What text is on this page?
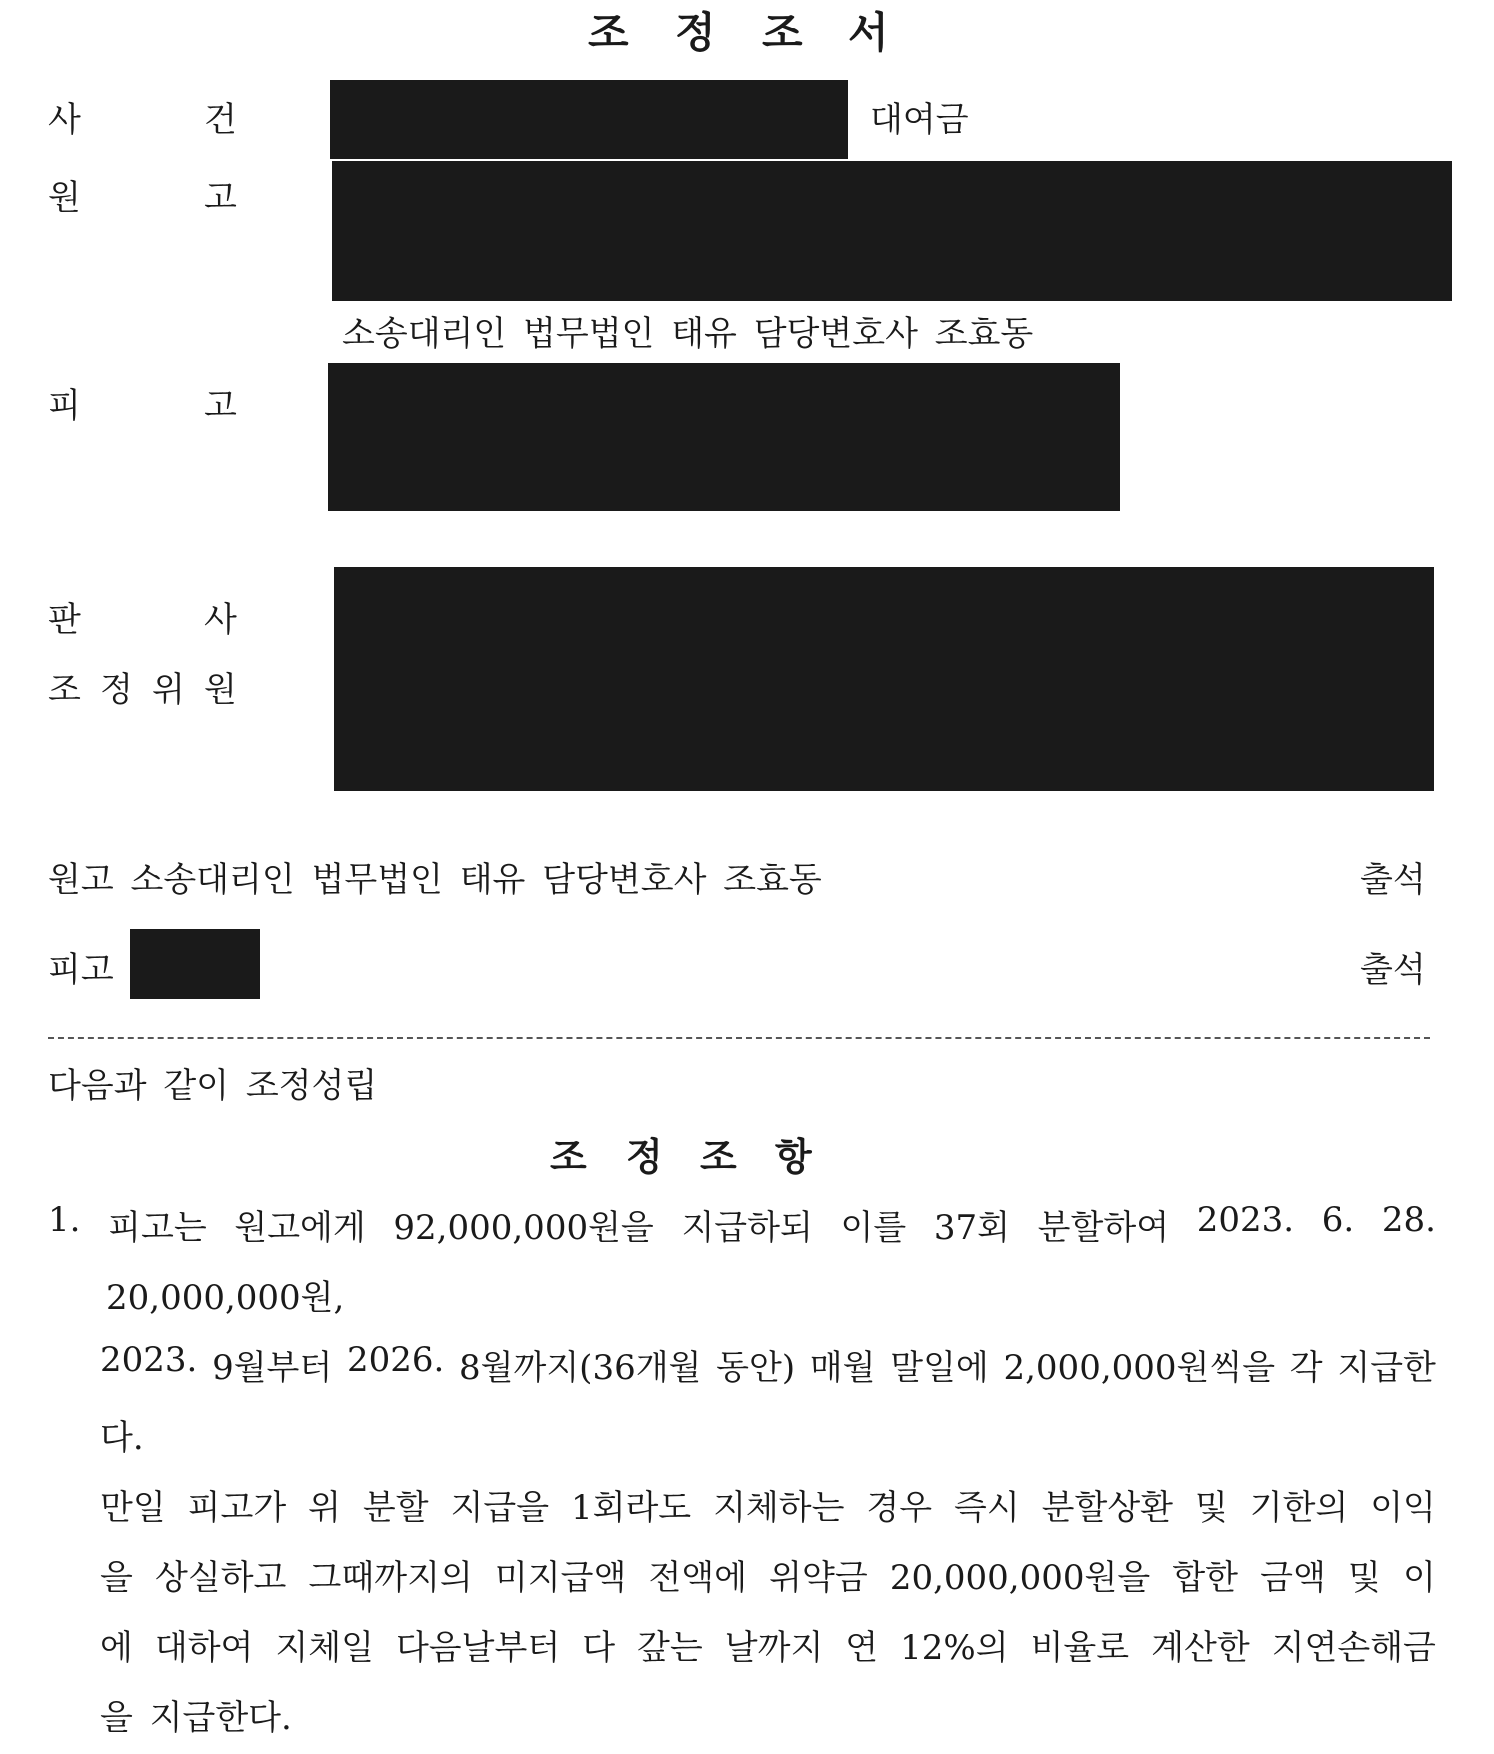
조 정 조 서
사	건	대여금
원	고
소송대리인 법무법인 태유 담당변호사 조효동
피	고
판	사
조 정 위 원
원고 소송대리인 법무법인 태유 담당변호사 조효동	출석
피고	출석
다음과 같이 조정성립
조 정 조 항
1. 피고는 원고에게 92,000,000원을 지급하되 이를 37회 분할하여 2023. 6. 28.
20,000,000원,
2023. 9월부터 2026. 8월까지(36개월 동안) 매월 말일에 2,000,000원씩을 각 지급한
다.
만일 피고가 위 분할 지급을 1회라도 지체하는 경우 즉시 분할상환 및 기한의 이익
을 상실하고 그때까지의 미지급액 전액에 위약금 20,000,000원을 합한 금액 및 이
에 대하여 지체일 다음날부터 다 갚는 날까지 연 12%의 비율로 계산한 지연손해금
을 지급한다.
